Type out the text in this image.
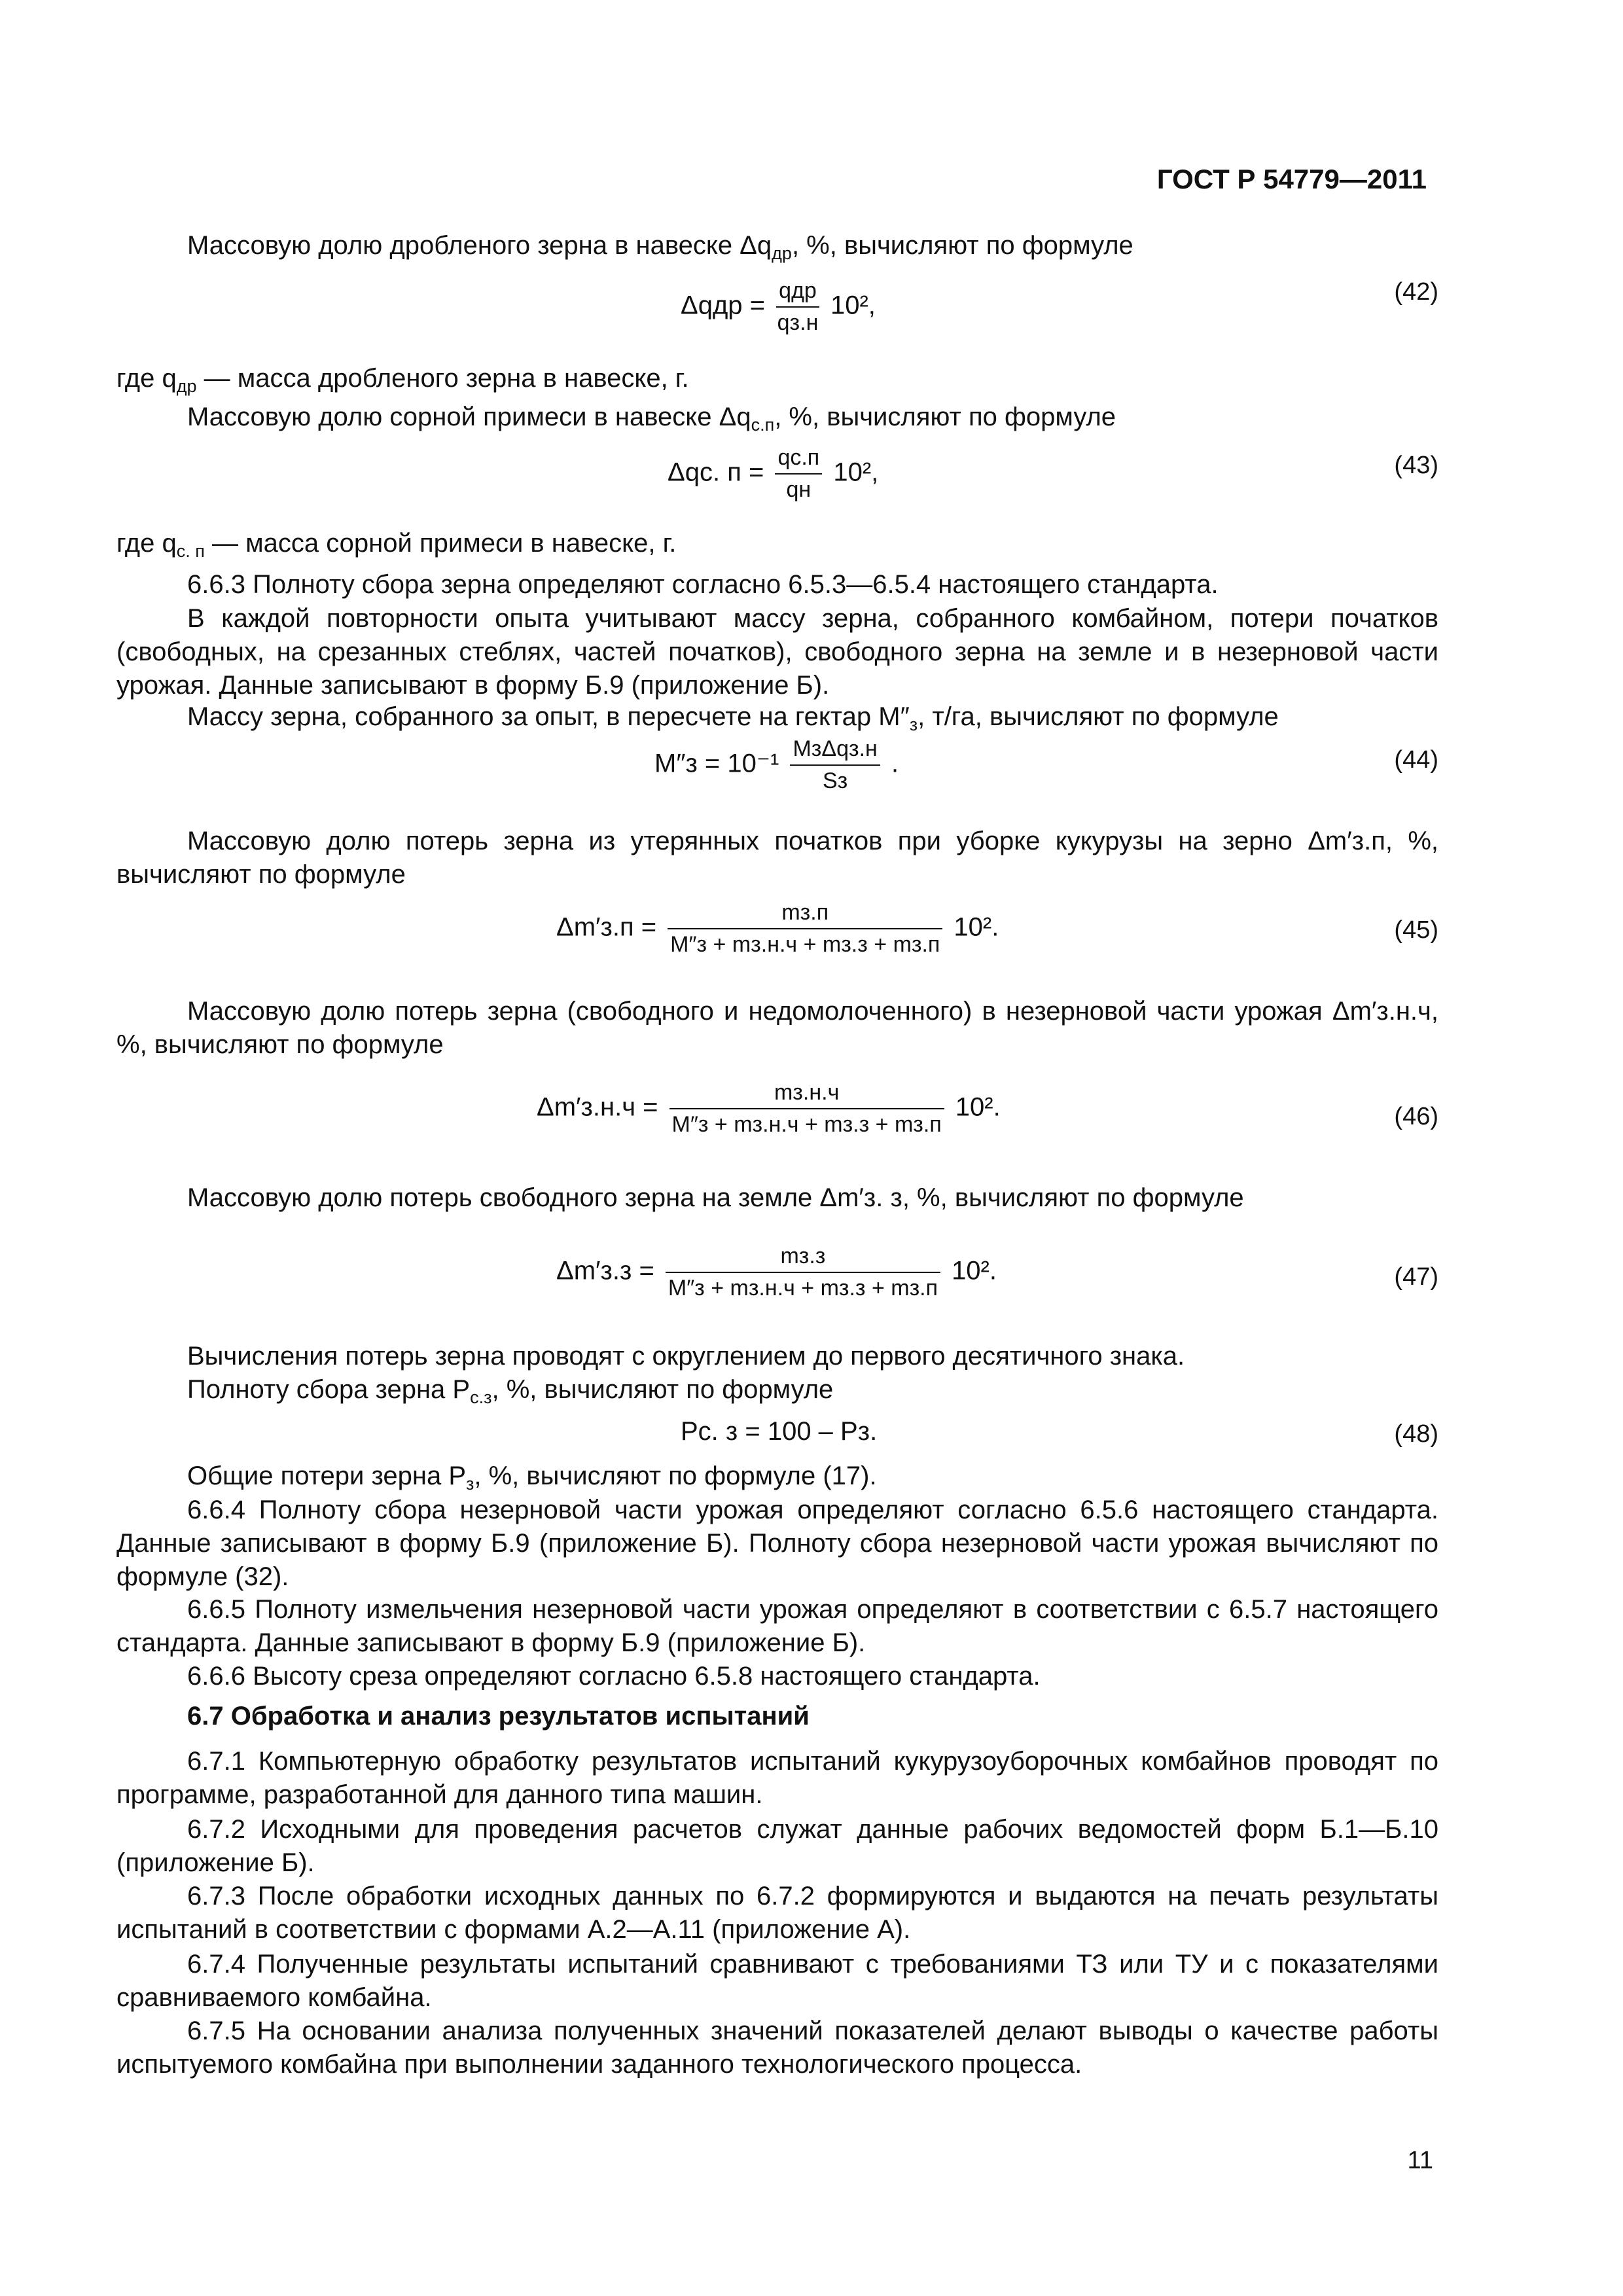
ГОСТ Р 54779—2011
Массовую долю дробленого зерна в навеске $\Delta q_{др}$, %, вычисляют по формуле
$\Delta qдр = \frac{\text{qдр}}{qз.н} 10^2$,	(42)
где $q_{др}$ — масса дробленого зерна в навеске, г.
Массовую долю сорной примеси в навеске $\Delta q_{с.п}$, %, вычисляют по формуле
Δqс. $п = \frac{qс.п}{qн} 10^2$,	(43)
где $q_{с. п}$ — масса сорной примеси в навеске, г.
6.6.3 Полноту сбора зерна определяют согласно 6.5.3—6.5.4 настоящего стандарта.
В каждой повторности опыта учитывают массу зерна, собранного комбайном, потери початков (свободных, на срезанных стеблях, частей початков), свободного зерна на земле и в незерновой части урожая. Данные записывают в форму Б.9 (приложение Б).
Массу зерна, собранного за опыт, в пересчете на гектар $M''_з$, т/га, вычисляют по формуле
$M''з = 10^{-1} \frac{\text{MзΔqз.н}}{Sз}$ .	(44)
Массовую долю потерь зерна из утерянных початков при уборке кукурузы на зерно Δm′з.п, %, вычисляют по формуле
$\Delta m'з.п = \frac{mз.п}{M''з + mз.н.ч + mз.з + mз.п} 10^2$.	(45)
Массовую долю потерь зерна (свободного и недомолоченного) в незерновой части урожая Δm′з.н.ч, %, вычисляют по формуле
$\Delta m'з.н.ч = \frac{mз.н.ч}{M''з + mз.н.ч + mз.з + mз.п} 10^2$.	(46)
Массовую долю потерь свободного зерна на земле Δm′з. з, %, вычисляют по формуле
$\Delta m'з.з = \frac{mз.з}{M''з + mз.н.ч + mз.з + mз.п} 10^2$.	(47)
Вычисления потерь зерна проводят с округлением до первого десятичного знака.
Полноту сбора зерна $P_{с.з}$, %, вычисляют по формуле
Pс. з = 100 – Pз.	(48)
Общие потери зерна $P_з$, %, вычисляют по формуле (17).
6.6.4 Полноту сбора незерновой части урожая определяют согласно 6.5.6 настоящего стандарта. Данные записывают в форму Б.9 (приложение Б). Полноту сбора незерновой части урожая вычисляют по формуле (32).
6.6.5 Полноту измельчения незерновой части урожая определяют в соответствии с 6.5.7 настоящего стандарта. Данные записывают в форму Б.9 (приложение Б).
6.6.6 Высоту среза определяют согласно 6.5.8 настоящего стандарта.
6.7 Обработка и анализ результатов испытаний
6.7.1 Компьютерную обработку результатов испытаний кукурузоуборочных комбайнов проводят по программе, разработанной для данного типа машин.
6.7.2 Исходными для проведения расчетов служат данные рабочих ведомостей форм Б.1—Б.10 (приложение Б).
6.7.3 После обработки исходных данных по 6.7.2 формируются и выдаются на печать результаты испытаний в соответствии с формами А.2—А.11 (приложение А).
6.7.4 Полученные результаты испытаний сравнивают с требованиями ТЗ или ТУ и с показателями сравниваемого комбайна.
6.7.5 На основании анализа полученных значений показателей делают выводы о качестве работы испытуемого комбайна при выполнении заданного технологического процесса.
11
